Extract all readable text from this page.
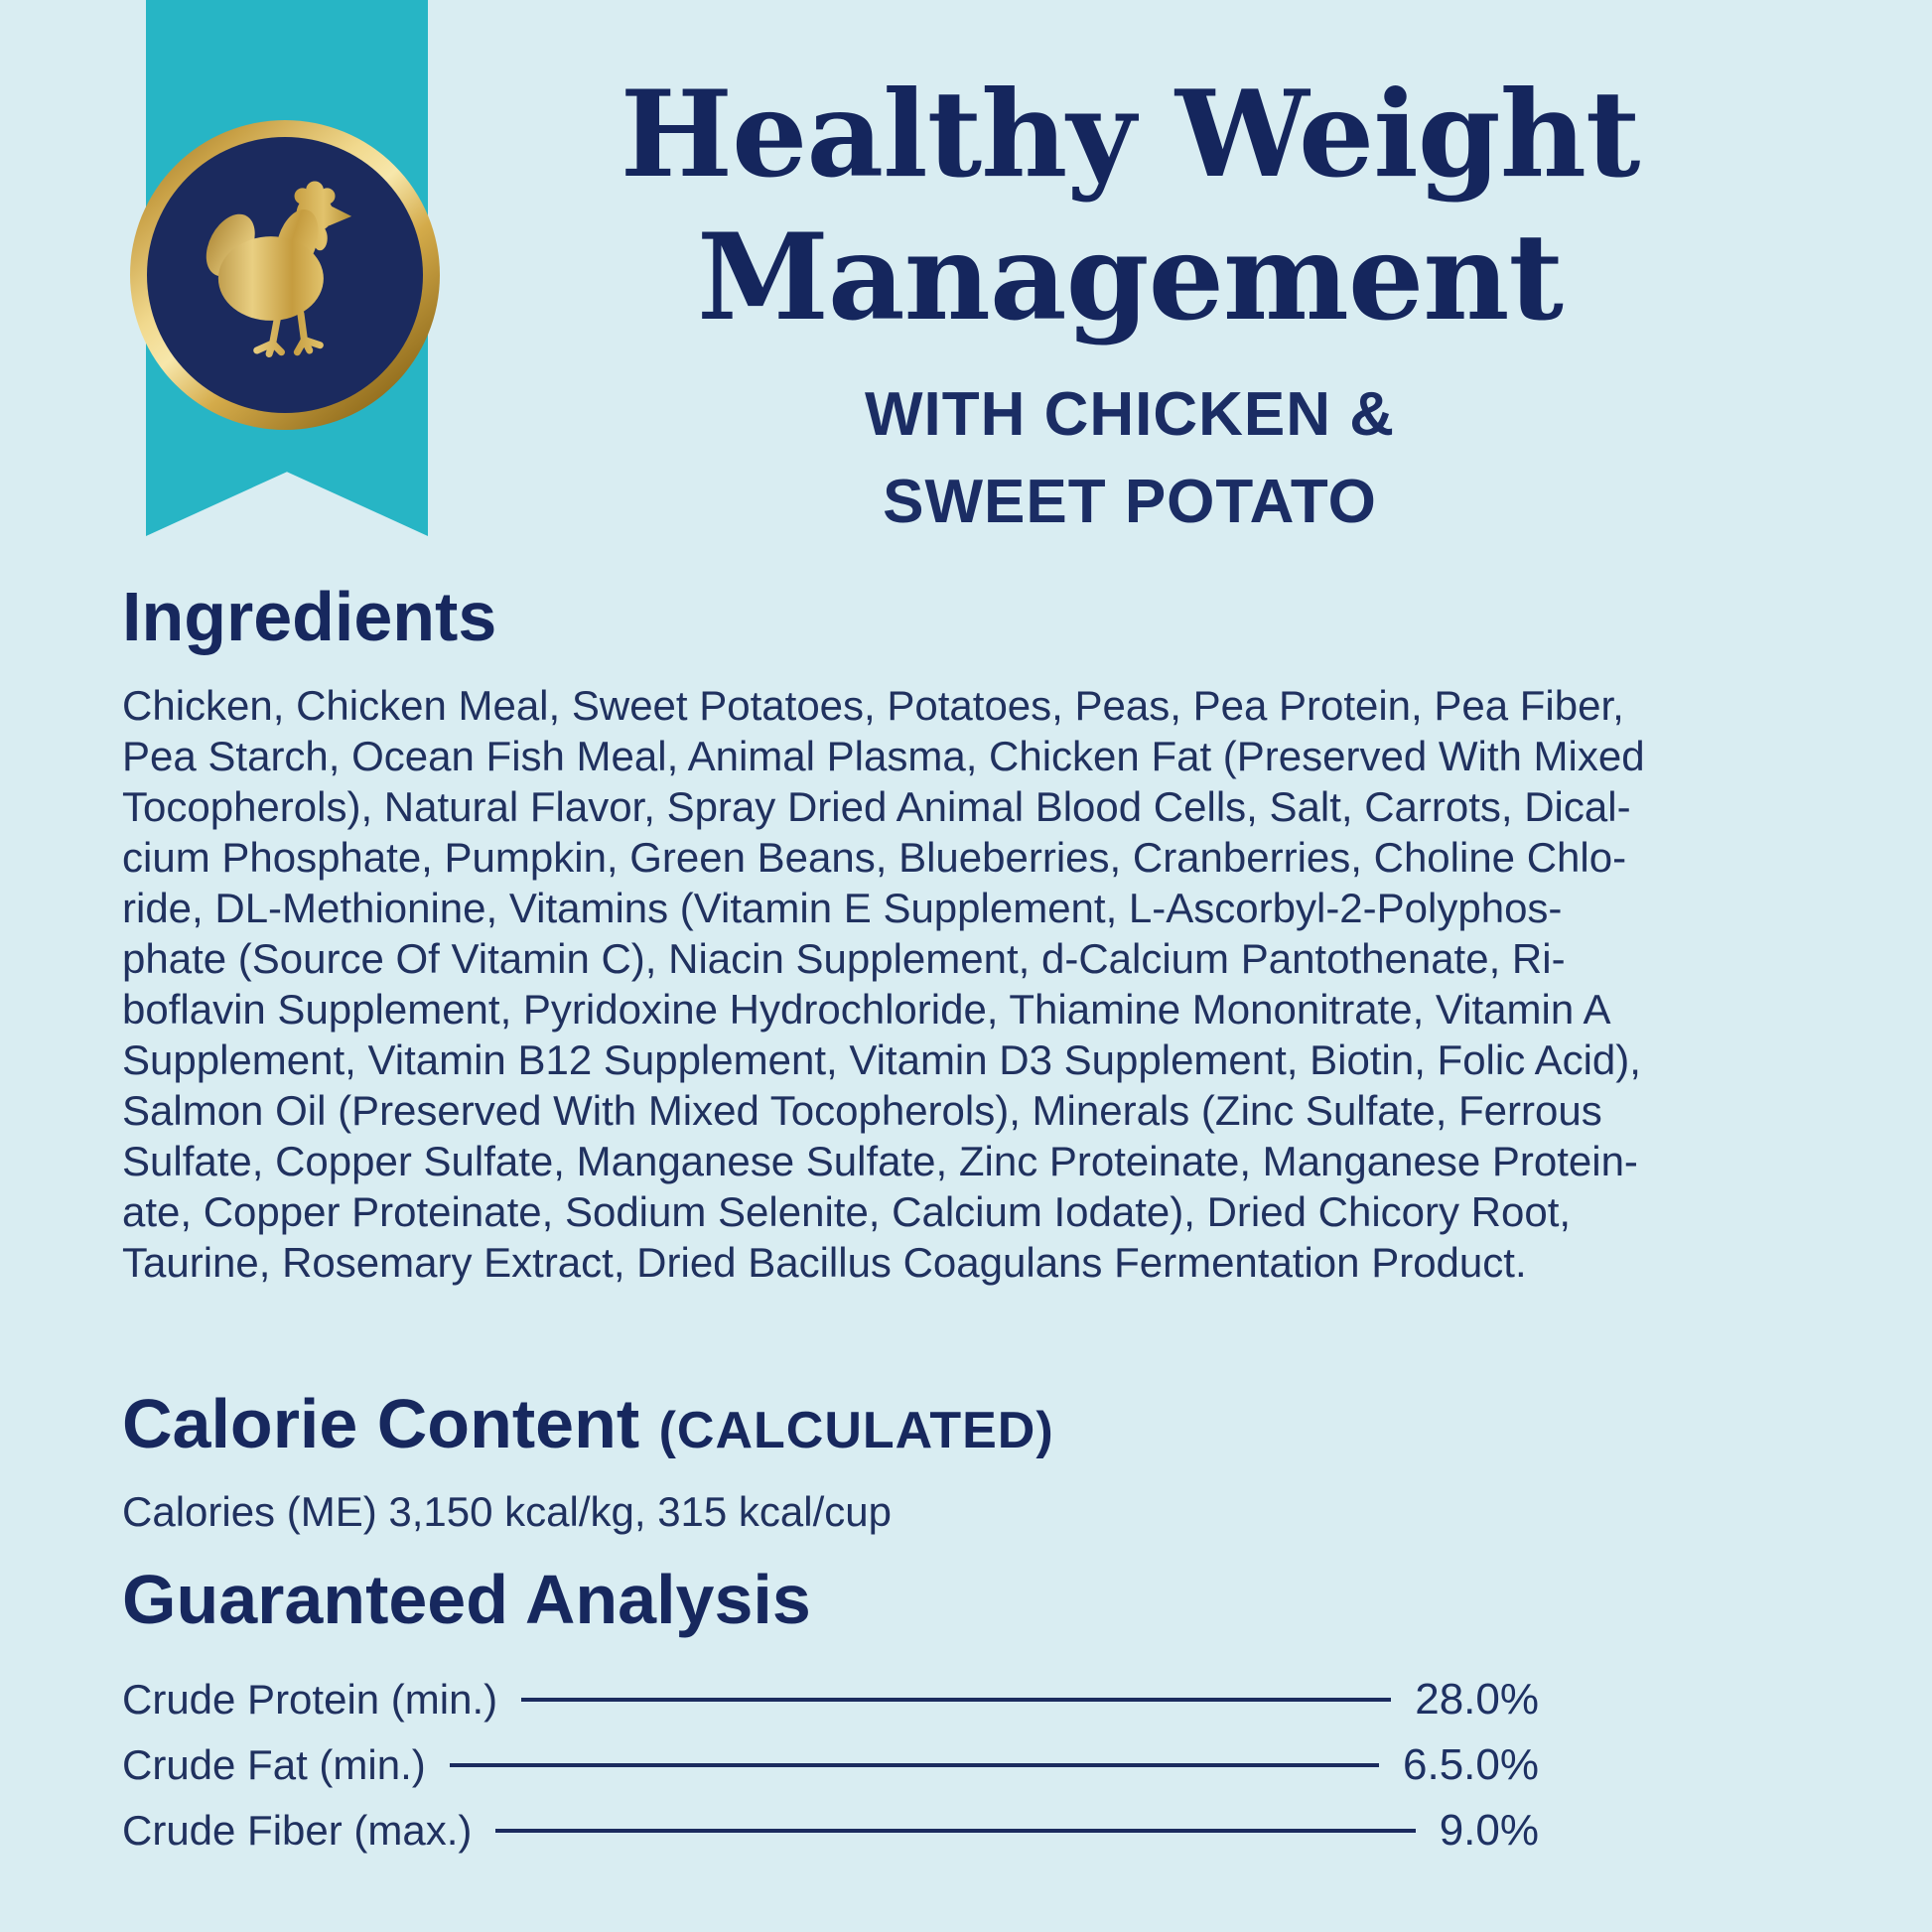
Healthy Weight
Management
WITH CHICKEN &
SWEET POTATO
Ingredients
Chicken, Chicken Meal, Sweet Potatoes, Potatoes, Peas, Pea Protein, Pea Fiber,
Pea Starch, Ocean Fish Meal, Animal Plasma, Chicken Fat (Preserved With Mixed
Tocopherols), Natural Flavor, Spray Dried Animal Blood Cells, Salt, Carrots, Dical-
cium Phosphate, Pumpkin, Green Beans, Blueberries, Cranberries, Choline Chlo-
ride, DL-Methionine, Vitamins (Vitamin E Supplement, L-Ascorbyl-2-Polyphos-
phate (Source Of Vitamin C), Niacin Supplement, d-Calcium Pantothenate, Ri-
boflavin Supplement, Pyridoxine Hydrochloride, Thiamine Mononitrate, Vitamin A
Supplement, Vitamin B12 Supplement, Vitamin D3 Supplement, Biotin, Folic Acid),
Salmon Oil (Preserved With Mixed Tocopherols), Minerals (Zinc Sulfate, Ferrous
Sulfate, Copper Sulfate, Manganese Sulfate, Zinc Proteinate, Manganese Protein-
ate, Copper Proteinate, Sodium Selenite, Calcium Iodate), Dried Chicory Root,
Taurine, Rosemary Extract, Dried Bacillus Coagulans Fermentation Product.
Calorie Content (CALCULATED)
Calories (ME) 3,150 kcal/kg, 315 kcal/cup
Guaranteed Analysis
Crude Protein (min.)	28.0%
Crude Fat (min.)	6.5.0%
Crude Fiber (max.)	9.0%
